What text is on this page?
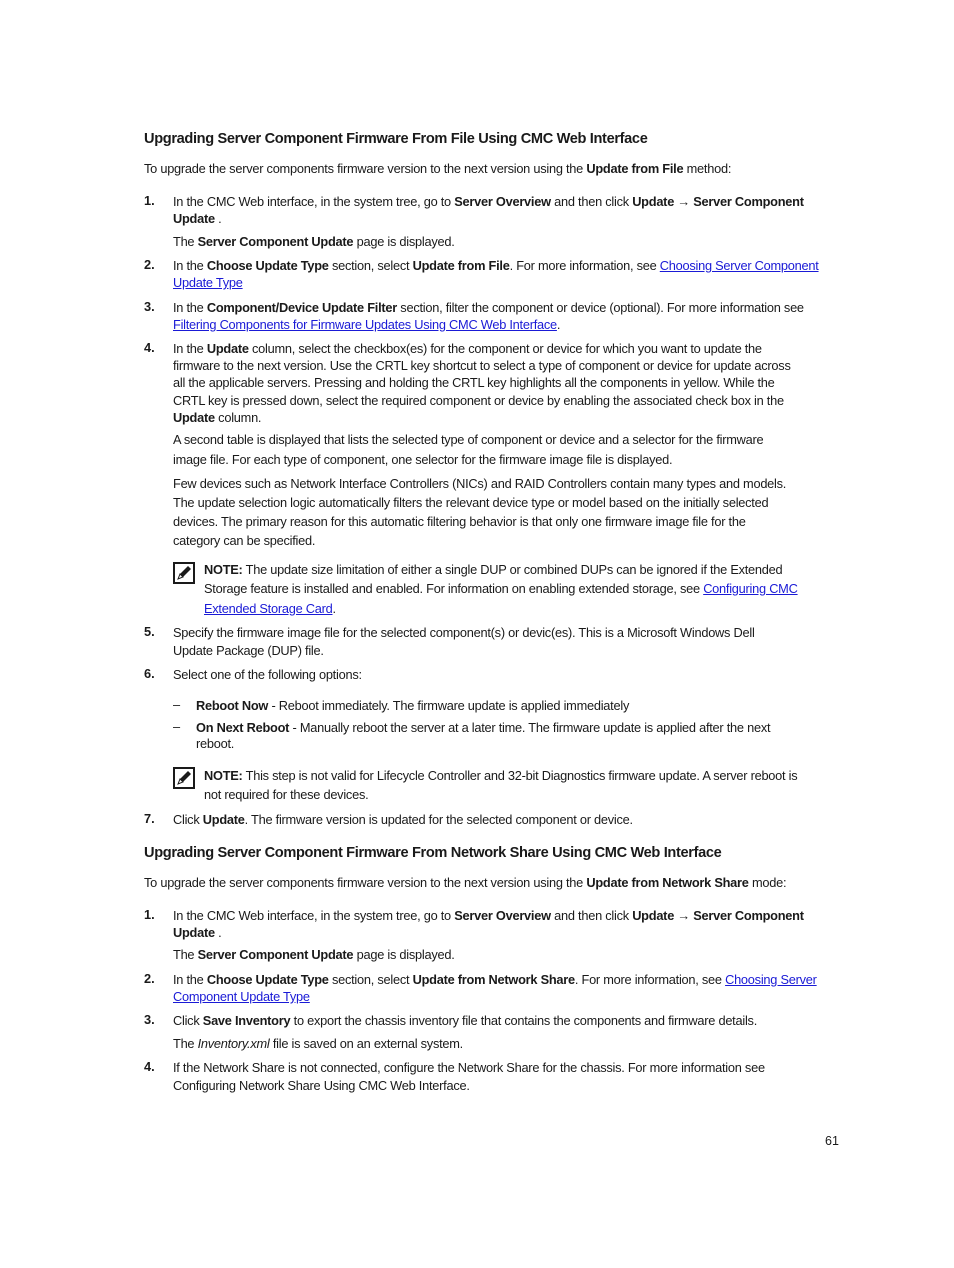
Upgrading Server Component Firmware From File Using CMC Web Interface
To upgrade the server components firmware version to the next version using the Update from File method:
1. In the CMC Web interface, in the system tree, go to Server Overview and then click Update → Server Component
Update .
The Server Component Update page is displayed.
2. In the Choose Update Type section, select Update from File. For more information, see Choosing Server Component
Update Type
3. In the Component/Device Update Filter section, filter the component or device (optional). For more information see
Filtering Components for Firmware Updates Using CMC Web Interface.
4. In the Update column, select the checkbox(es) for the component or device for which you want to update the
firmware to the next version. Use the CRTL key shortcut to select a type of component or device for update across
all the applicable servers. Pressing and holding the CRTL key highlights all the components in yellow. While the
CRTL key is pressed down, select the required component or device by enabling the associated check box in the
Update column.
A second table is displayed that lists the selected type of component or device and a selector for the firmware
image file. For each type of component, one selector for the firmware image file is displayed.
Few devices such as Network Interface Controllers (NICs) and RAID Controllers contain many types and models.
The update selection logic automatically filters the relevant device type or model based on the initially selected
devices. The primary reason for this automatic filtering behavior is that only one firmware image file for the
category can be specified.
NOTE: The update size limitation of either a single DUP or combined DUPs can be ignored if the Extended
Storage feature is installed and enabled. For information on enabling extended storage, see Configuring CMC
Extended Storage Card.
5. Specify the firmware image file for the selected component(s) or devic(es). This is a Microsoft Windows Dell
Update Package (DUP) file.
6. Select one of the following options:
– Reboot Now - Reboot immediately. The firmware update is applied immediately
– On Next Reboot - Manually reboot the server at a later time. The firmware update is applied after the next
reboot.
NOTE: This step is not valid for Lifecycle Controller and 32-bit Diagnostics firmware update. A server reboot is
not required for these devices.
7. Click Update. The firmware version is updated for the selected component or device.
Upgrading Server Component Firmware From Network Share Using CMC Web Interface
To upgrade the server components firmware version to the next version using the Update from Network Share mode:
1. In the CMC Web interface, in the system tree, go to Server Overview and then click Update → Server Component
Update .
The Server Component Update page is displayed.
2. In the Choose Update Type section, select Update from Network Share. For more information, see Choosing Server
Component Update Type
3. Click Save Inventory to export the chassis inventory file that contains the components and firmware details.
The Inventory.xml file is saved on an external system.
4. If the Network Share is not connected, configure the Network Share for the chassis. For more information see
Configuring Network Share Using CMC Web Interface.
61
